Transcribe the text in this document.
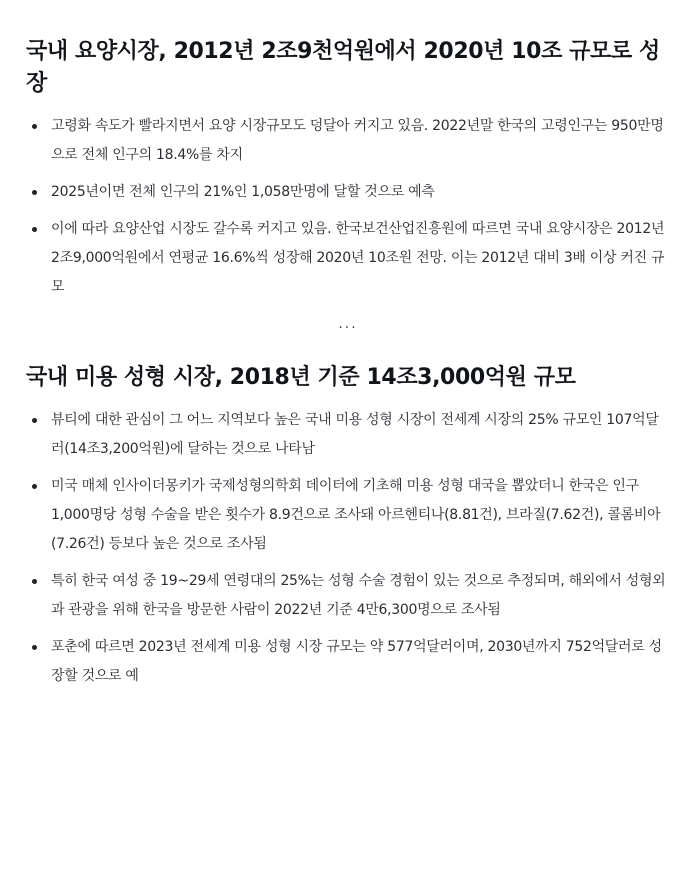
국내 요양시장, 2012년 2조9천억원에서 2020년 10조 규모로 성장
고령화 속도가 빨라지면서 요양 시장규모도 덩달아 커지고 있음. 2022년말 한국의 고령인구는 950만명으로 전체 인구의 18.4%를 차지
2025년이면 전체 인구의 21%인 1,058만명에 달할 것으로 예측
이에 따라 요양산업 시장도 갈수록 커지고 있음. 한국보건산업진흥원에 따르면 국내 요양시장은 2012년 2조9,000억원에서 연평균 16.6%씩 성장해 2020년 10조원 전망. 이는 2012년 대비 3배 이상 커진 규모
...
국내 미용 성형 시장, 2018년 기준 14조3,000억원 규모
뷰티에 대한 관심이 그 어느 지역보다 높은 국내 미용 성형 시장이 전세계 시장의 25% 규모인 107억달러(14조3,200억원)에 달하는 것으로 나타남
미국 매체 인사이더몽키가 국제성형의학회 데이터에 기초해 미용 성형 대국을 뽑았더니 한국은 인구 1,000명당 성형 수술을 받은 횟수가 8.9건으로 조사돼 아르헨티나(8.81건), 브라질(7.62건), 콜롬비아(7.26건) 등보다 높은 것으로 조사됨
특히 한국 여성 중 19~29세 연령대의 25%는 성형 수술 경험이 있는 것으로 추정되며, 해외에서 성형외과 관광을 위해 한국을 방문한 사람이 2022년 기준 4만6,300명으로 조사됨
포춘에 따르면 2023년 전세계 미용 성형 시장 규모는 약 577억달러이며, 2030년까지 752억달러로 성장할 것으로 예
